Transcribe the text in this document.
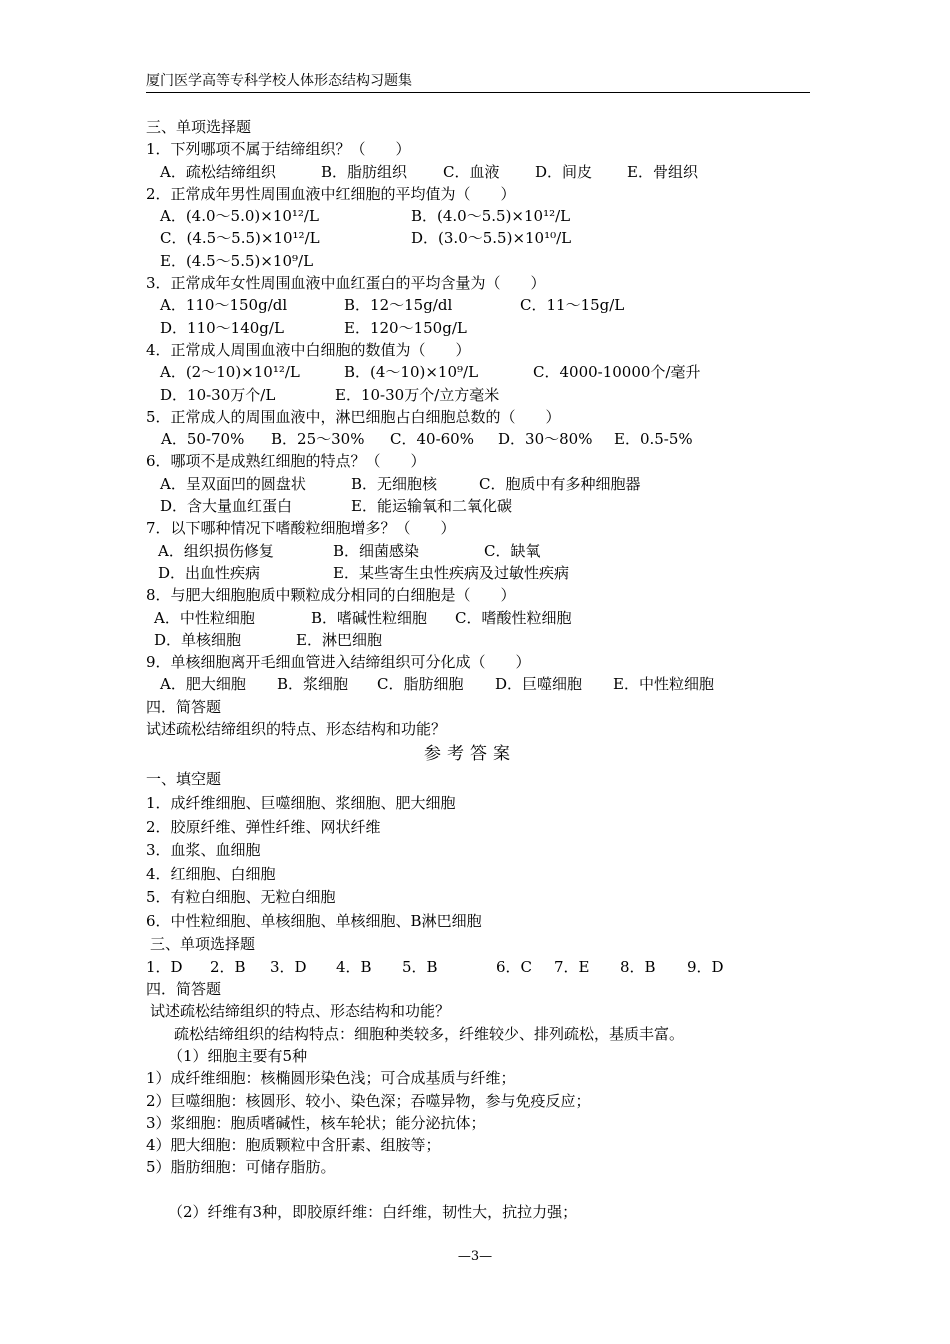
厦门医学高等专科学校人体形态结构习题集
三、单项选择题
1．下列哪项不属于结缔组织？（　　）
A．疏松结缔组织	B．脂肪组织 C．血液 D．间皮 E．骨组织
2．正常成年男性周围血液中红细胞的平均值为（　　）
A．(4.0～5.0)×10¹²/L	B．(4.0～5.5)×10¹²/L
C．(4.5～5.5)×10¹²/L	D．(3.0～5.5)×10¹⁰/L
E．(4.5～5.5)×10⁹/L
3．正常成年女性周围血液中血红蛋白的平均含量为（　　）
A．110～150g/dl	B．12～15g/dl	C．11～15g/L
D．110～140g/L	E．120～150g/L
4．正常成人周围血液中白细胞的数值为（　　）
A．(2～10)×10¹²/L	B．(4～10)×10⁹/L	C．4000-10000个/毫升
D．10-30万个/L	E．10-30万个/立方毫米
5．正常成人的周围血液中，淋巴细胞占白细胞总数的（　　）
A．50-70% B．25～30% C．40-60% D．30～80% E．0.5-5%
6．哪项不是成熟红细胞的特点？（　　）
A．呈双面凹的圆盘状	B．无细胞核	C．胞质中有多种细胞器
D．含大量血红蛋白	E．能运输氧和二氧化碳
7．以下哪种情况下嗜酸粒细胞增多？（　　）
A．组织损伤修复	B．细菌感染	C．缺氧
D．出血性疾病	E．某些寄生虫性疾病及过敏性疾病
8．与肥大细胞胞质中颗粒成分相同的白细胞是（　　）
A．中性粒细胞	B．嗜碱性粒细胞 C．嗜酸性粒细胞
D．单核细胞	E．淋巴细胞
9．单核细胞离开毛细血管进入结缔组织可分化成（　　）
A．肥大细胞 B．浆细胞 C．脂肪细胞 D．巨噬细胞 E．中性粒细胞
四．简答题
试述疏松结缔组织的特点、形态结构和功能？
参考答案
一、填空题
1．成纤维细胞、巨噬细胞、浆细胞、肥大细胞
2．胶原纤维、弹性纤维、网状纤维
3．血浆、血细胞
4．红细胞、白细胞
5．有粒白细胞、无粒白细胞
6．中性粒细胞、单核细胞、单核细胞、B淋巴细胞
三、单项选择题
1．D 2．B 3．D 4．B 5．B	6．C 7．E 8．B 9．D
四．简答题
试述疏松结缔组织的特点、形态结构和功能？
疏松结缔组织的结构特点：细胞种类较多，纤维较少、排列疏松，基质丰富。
（1）细胞主要有5种
1）成纤维细胞：核椭圆形染色浅；可合成基质与纤维；
2）巨噬细胞：核圆形、较小、染色深；吞噬异物，参与免疫反应；
3）浆细胞：胞质嗜碱性，核车轮状；能分泌抗体；
4）肥大细胞：胞质颗粒中含肝素、组胺等；
5）脂肪细胞：可储存脂肪。
（2）纤维有3种，即胶原纤维：白纤维，韧性大，抗拉力强；
—3—
